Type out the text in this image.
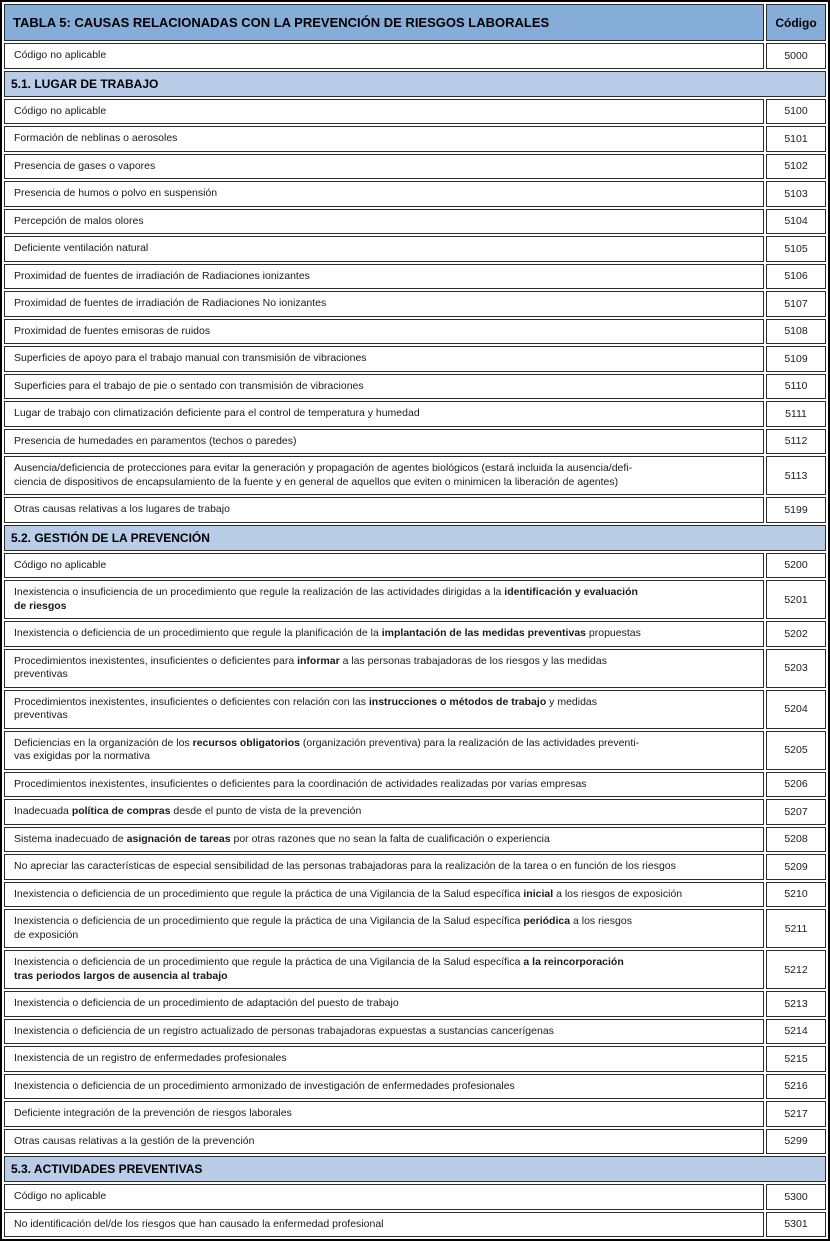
TABLA 5: CAUSAS RELACIONADAS CON LA PREVENCIÓN DE RIESGOS LABORALES	Código
Código no aplicable	5000
5.1. LUGAR DE TRABAJO	
Código no aplicable	5100
Formación de neblinas o aerosoles	5101
Presencia de gases o vapores	5102
Presencia de humos o polvo en suspensión	5103
Percepción de malos olores	5104
Deficiente ventilación natural	5105
Proximidad de fuentes de irradiación de Radiaciones ionizantes	5106
Proximidad de fuentes de irradiación de Radiaciones No ionizantes	5107
Proximidad de fuentes emisoras de ruidos	5108
Superficies de apoyo para el trabajo manual con transmisión de vibraciones	5109
Superficies para el trabajo de pie o sentado con transmisión de vibraciones	5110
Lugar de trabajo con climatización deficiente para el control de temperatura y humedad	5111
Presencia de humedades en paramentos (techos o paredes)	5112
Ausencia/deficiencia de protecciones para evitar la generación y propagación de agentes biológicos (estará incluida la ausencia/defi-
ciencia de dispositivos de encapsulamiento de la fuente y en general de aquellos que eviten o minimicen la liberación de agentes)	5113
Otras causas relativas a los lugares de trabajo	5199
5.2. GESTIÓN DE LA PREVENCIÓN	
Código no aplicable	5200
Inexistencia o insuficiencia de un procedimiento que regule la realización de las actividades dirigidas a la identificación y evaluación
de riesgos	5201
Inexistencia o deficiencia de un procedimiento que regule la planificación de la implantación de las medidas preventivas propuestas	5202
Procedimientos inexistentes, insuficientes o deficientes para informar a las personas trabajadoras de los riesgos y las medidas
preventivas	5203
Procedimientos inexistentes, insuficientes o deficientes con relación con las instrucciones o métodos de trabajo y medidas
preventivas	5204
Deficiencias en la organización de los recursos obligatorios (organización preventiva) para la realización de las actividades preventi-
vas exigidas por la normativa	5205
Procedimientos inexistentes, insuficientes o deficientes para la coordinación de actividades realizadas por varias empresas	5206
Inadecuada política de compras desde el punto de vista de la prevención	5207
Sistema inadecuado de asignación de tareas por otras razones que no sean la falta de cualificación o experiencia	5208
No apreciar las características de especial sensibilidad de las personas trabajadoras para la realización de la tarea o en función de los riesgos	5209
Inexistencia o deficiencia de un procedimiento que regule la práctica de una Vigilancia de la Salud específica inicial a los riesgos de exposición	5210
Inexistencia o deficiencia de un procedimiento que regule la práctica de una Vigilancia de la Salud específica periódica a los riesgos
de exposición	5211
Inexistencia o deficiencia de un procedimiento que regule la práctica de una Vigilancia de la Salud específica a la reincorporación
tras periodos largos de ausencia al trabajo	5212
Inexistencia o deficiencia de un procedimiento de adaptación del puesto de trabajo	5213
Inexistencia o deficiencia de un registro actualizado de personas trabajadoras expuestas a sustancias cancerígenas	5214
Inexistencia de un registro de enfermedades profesionales	5215
Inexistencia o deficiencia de un procedimiento armonizado de investigación de enfermedades profesionales	5216
Deficiente integración de la prevención de riesgos laborales	5217
Otras causas relativas a la gestión de la prevención	5299
5.3. ACTIVIDADES PREVENTIVAS	
Código no aplicable	5300
No identificación del/de los riesgos que han causado la enfermedad profesional	5301
